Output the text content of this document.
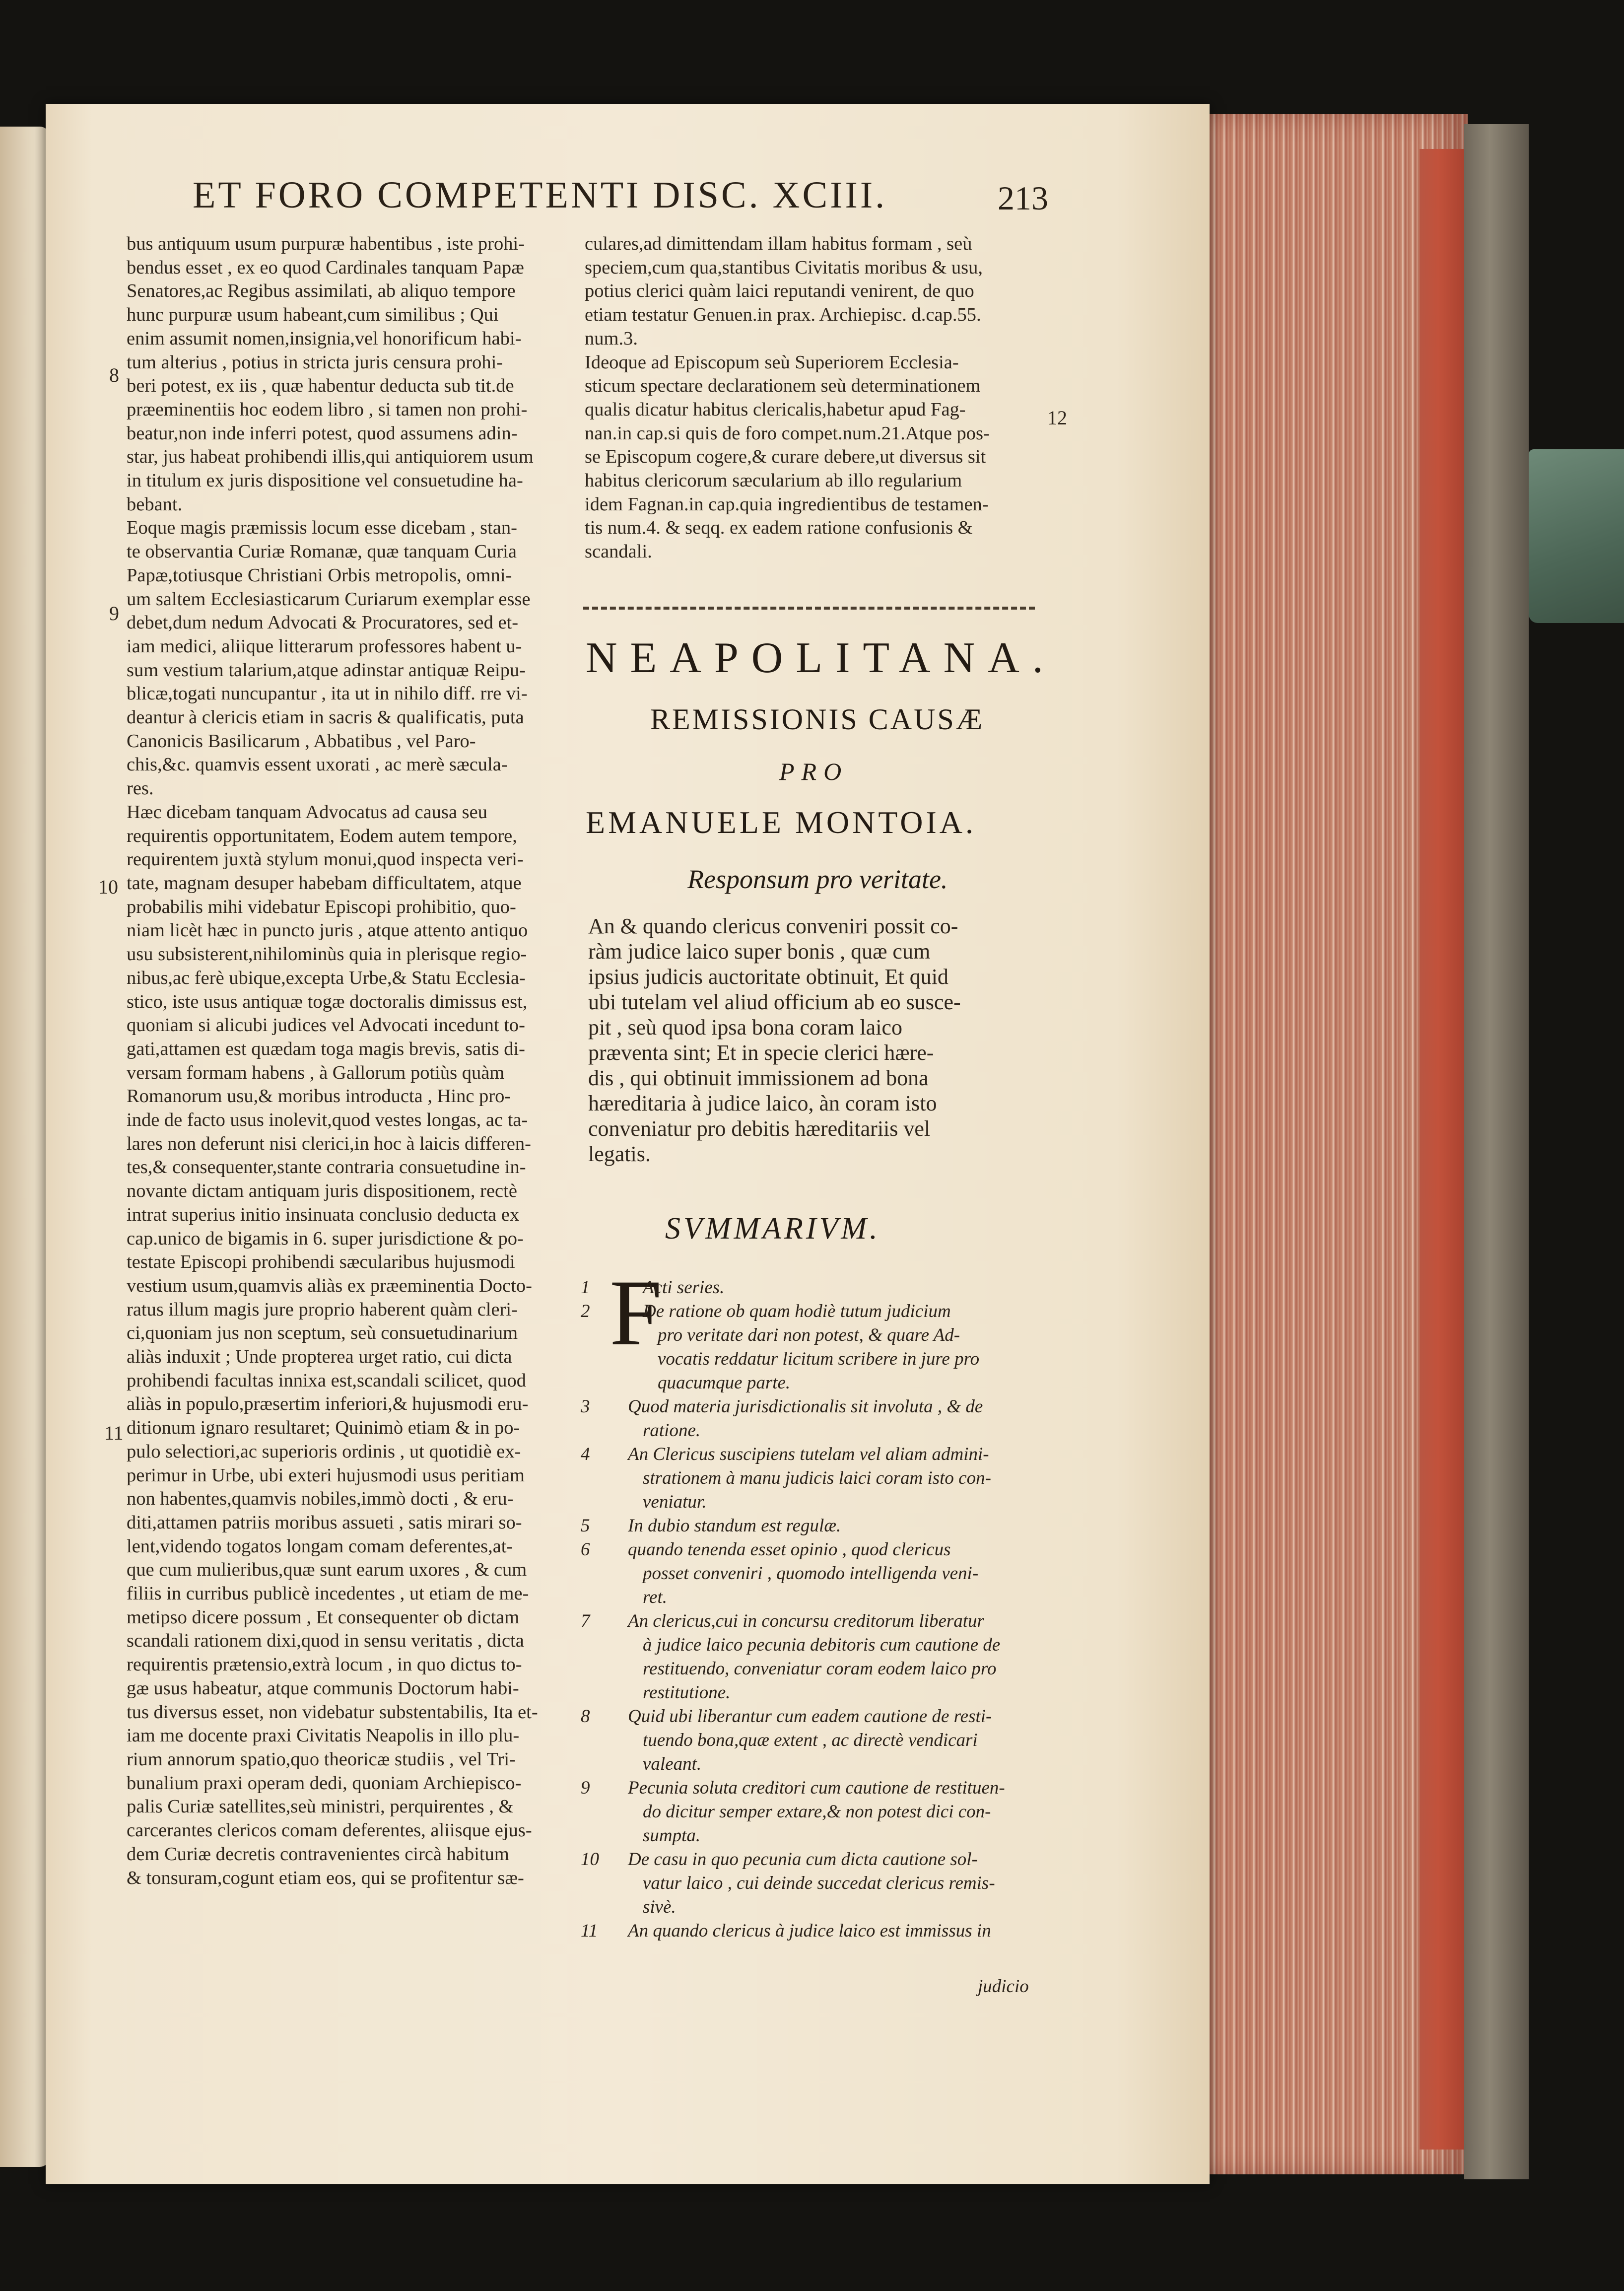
ET FORO COMPETENTI DISC. XCIII.	213
bus antiquum usum purpuræ habentibus , iste prohi-
bendus esset , ex eo quod Cardinales tanquam Papæ
Senatores,ac Regibus assimilati, ab aliquo tempore
hunc purpuræ usum habeant,cum similibus ; Qui
enim assumit nomen,insignia,vel honorificum habi-
tum alterius , potius in stricta juris censura prohi-
beri potest, ex iis , quæ habentur deducta sub tit.de
præeminentiis hoc eodem libro , si tamen non prohi-
beatur,non inde inferri potest, quod assumens adin-
star, jus habeat prohibendi illis,qui antiquiorem usum
in titulum ex juris dispositione vel consuetudine ha-
bebant.
Eoque magis præmissis locum esse dicebam , stan-
te observantia Curiæ Romanæ, quæ tanquam Curia
Papæ,totiusque Christiani Orbis metropolis, omni-
um saltem Ecclesiasticarum Curiarum exemplar esse
debet,dum nedum Advocati & Procuratores, sed et-
iam medici, aliique litterarum professores habent u-
sum vestium talarium,atque adinstar antiquæ Reipu-
blicæ,togati nuncupantur , ita ut in nihilo diff. rre vi-
deantur à clericis etiam in sacris & qualificatis, puta
Canonicis Basilicarum , Abbatibus , vel Paro-
chis,&c. quamvis essent uxorati , ac merè sæcula-
res.
Hæc dicebam tanquam Advocatus ad causa seu
requirentis opportunitatem, Eodem autem tempore,
requirentem juxtà stylum monui,quod inspecta veri-
tate, magnam desuper habebam difficultatem, atque
probabilis mihi videbatur Episcopi prohibitio, quo-
niam licèt hæc in puncto juris , atque attento antiquo
usu subsisterent,nihilominùs quia in plerisque regio-
nibus,ac ferè ubique,excepta Urbe,& Statu Ecclesia-
stico, iste usus antiquæ togæ doctoralis dimissus est,
quoniam si alicubi judices vel Advocati incedunt to-
gati,attamen est quædam toga magis brevis, satis di-
versam formam habens , à Gallorum potiùs quàm
Romanorum usu,& moribus introducta , Hinc pro-
inde de facto usus inolevit,quod vestes longas, ac ta-
lares non deferunt nisi clerici,in hoc à laicis differen-
tes,& consequenter,stante contraria consuetudine in-
novante dictam antiquam juris dispositionem, rectè
intrat superius initio insinuata conclusio deducta ex
cap.unico de bigamis in 6. super jurisdictione & po-
testate Episcopi prohibendi sæcularibus hujusmodi
vestium usum,quamvis aliàs ex præeminentia Docto-
ratus illum magis jure proprio haberent quàm cleri-
ci,quoniam jus non sceptum, seù consuetudinarium
aliàs induxit ; Unde propterea urget ratio, cui dicta
prohibendi facultas innixa est,scandali scilicet, quod
aliàs in populo,præsertim inferiori,& hujusmodi eru-
ditionum ignaro resultaret; Quinimò etiam & in po-
pulo selectiori,ac superioris ordinis , ut quotidiè ex-
perimur in Urbe, ubi exteri hujusmodi usus peritiam
non habentes,quamvis nobiles,immò docti , & eru-
diti,attamen patriis moribus assueti , satis mirari so-
lent,videndo togatos longam comam deferentes,at-
que cum mulieribus,quæ sunt earum uxores , & cum
filiis in curribus publicè incedentes , ut etiam de me-
metipso dicere possum , Et consequenter ob dictam
scandali rationem dixi,quod in sensu veritatis , dicta
requirentis prætensio,extrà locum , in quo dictus to-
gæ usus habeatur, atque communis Doctorum habi-
tus diversus esset, non videbatur substentabilis, Ita et-
iam me docente praxi Civitatis Neapolis in illo plu-
rium annorum spatio,quo theoricæ studiis , vel Tri-
bunalium praxi operam dedi, quoniam Archiepisco-
palis Curiæ satellites,seù ministri, perquirentes , &
carcerantes clericos comam deferentes, aliisque ejus-
dem Curiæ decretis contravenientes circà habitum
& tonsuram,cogunt etiam eos, qui se profitentur sæ-
8
9
10
11
culares,ad dimittendam illam habitus formam , seù
speciem,cum qua,stantibus Civitatis moribus & usu,
potius clerici quàm laici reputandi venirent, de quo
etiam testatur Genuen.in prax. Archiepisc. d.cap.55.
num.3.
Ideoque ad Episcopum seù Superiorem Ecclesia-
sticum spectare declarationem seù determinationem
qualis dicatur habitus clericalis,habetur apud Fag-
nan.in cap.si quis de foro compet.num.21.Atque pos-
se Episcopum cogere,& curare debere,ut diversus sit
habitus clericorum sæcularium ab illo regularium
idem Fagnan.in cap.quia ingredientibus de testamen-
tis num.4. & seqq. ex eadem ratione confusionis &
scandali.
12
NEAPOLITANA.
REMISSIONIS CAUSÆ
PRO
EMANUELE MONTOIA.
Responsum pro veritate.
An & quando clericus conveniri possit co-
ràm judice laico super bonis , quæ cum
ipsius judicis auctoritate obtinuit, Et quid
ubi tutelam vel aliud officium ab eo susce-
pit , seù quod ipsa bona coram laico
præventa sint; Et in specie clerici hære-
dis , qui obtinuit immissionem ad bona
hæreditaria à judice laico, àn coram isto
conveniatur pro debitis hæreditariis vel
legatis.
SVMMARIVM.
F
1	Acti series.
2	De ratione ob quam hodiè tutum judicium
pro veritate dari non potest, & quare Ad-
vocatis reddatur licitum scribere in jure pro
quacumque parte.
3	Quod materia jurisdictionalis sit involuta , & de
ratione.
4	An Clericus suscipiens tutelam vel aliam admini-
strationem à manu judicis laici coram isto con-
veniatur.
5	In dubio standum est regulæ.
6	quando tenenda esset opinio , quod clericus
posset conveniri , quomodo intelligenda veni-
ret.
7	An clericus,cui in concursu creditorum liberatur
à judice laico pecunia debitoris cum cautione de
restituendo, conveniatur coram eodem laico pro
restitutione.
8	Quid ubi liberantur cum eadem cautione de resti-
tuendo bona,quæ extent , ac directè vendicari
valeant.
9	Pecunia soluta creditori cum cautione de restituen-
do dicitur semper extare,& non potest dici con-
sumpta.
10	De casu in quo pecunia cum dicta cautione sol-
vatur laico , cui deinde succedat clericus remis-
sivè.
11	An quando clericus à judice laico est immissus in
judicio
